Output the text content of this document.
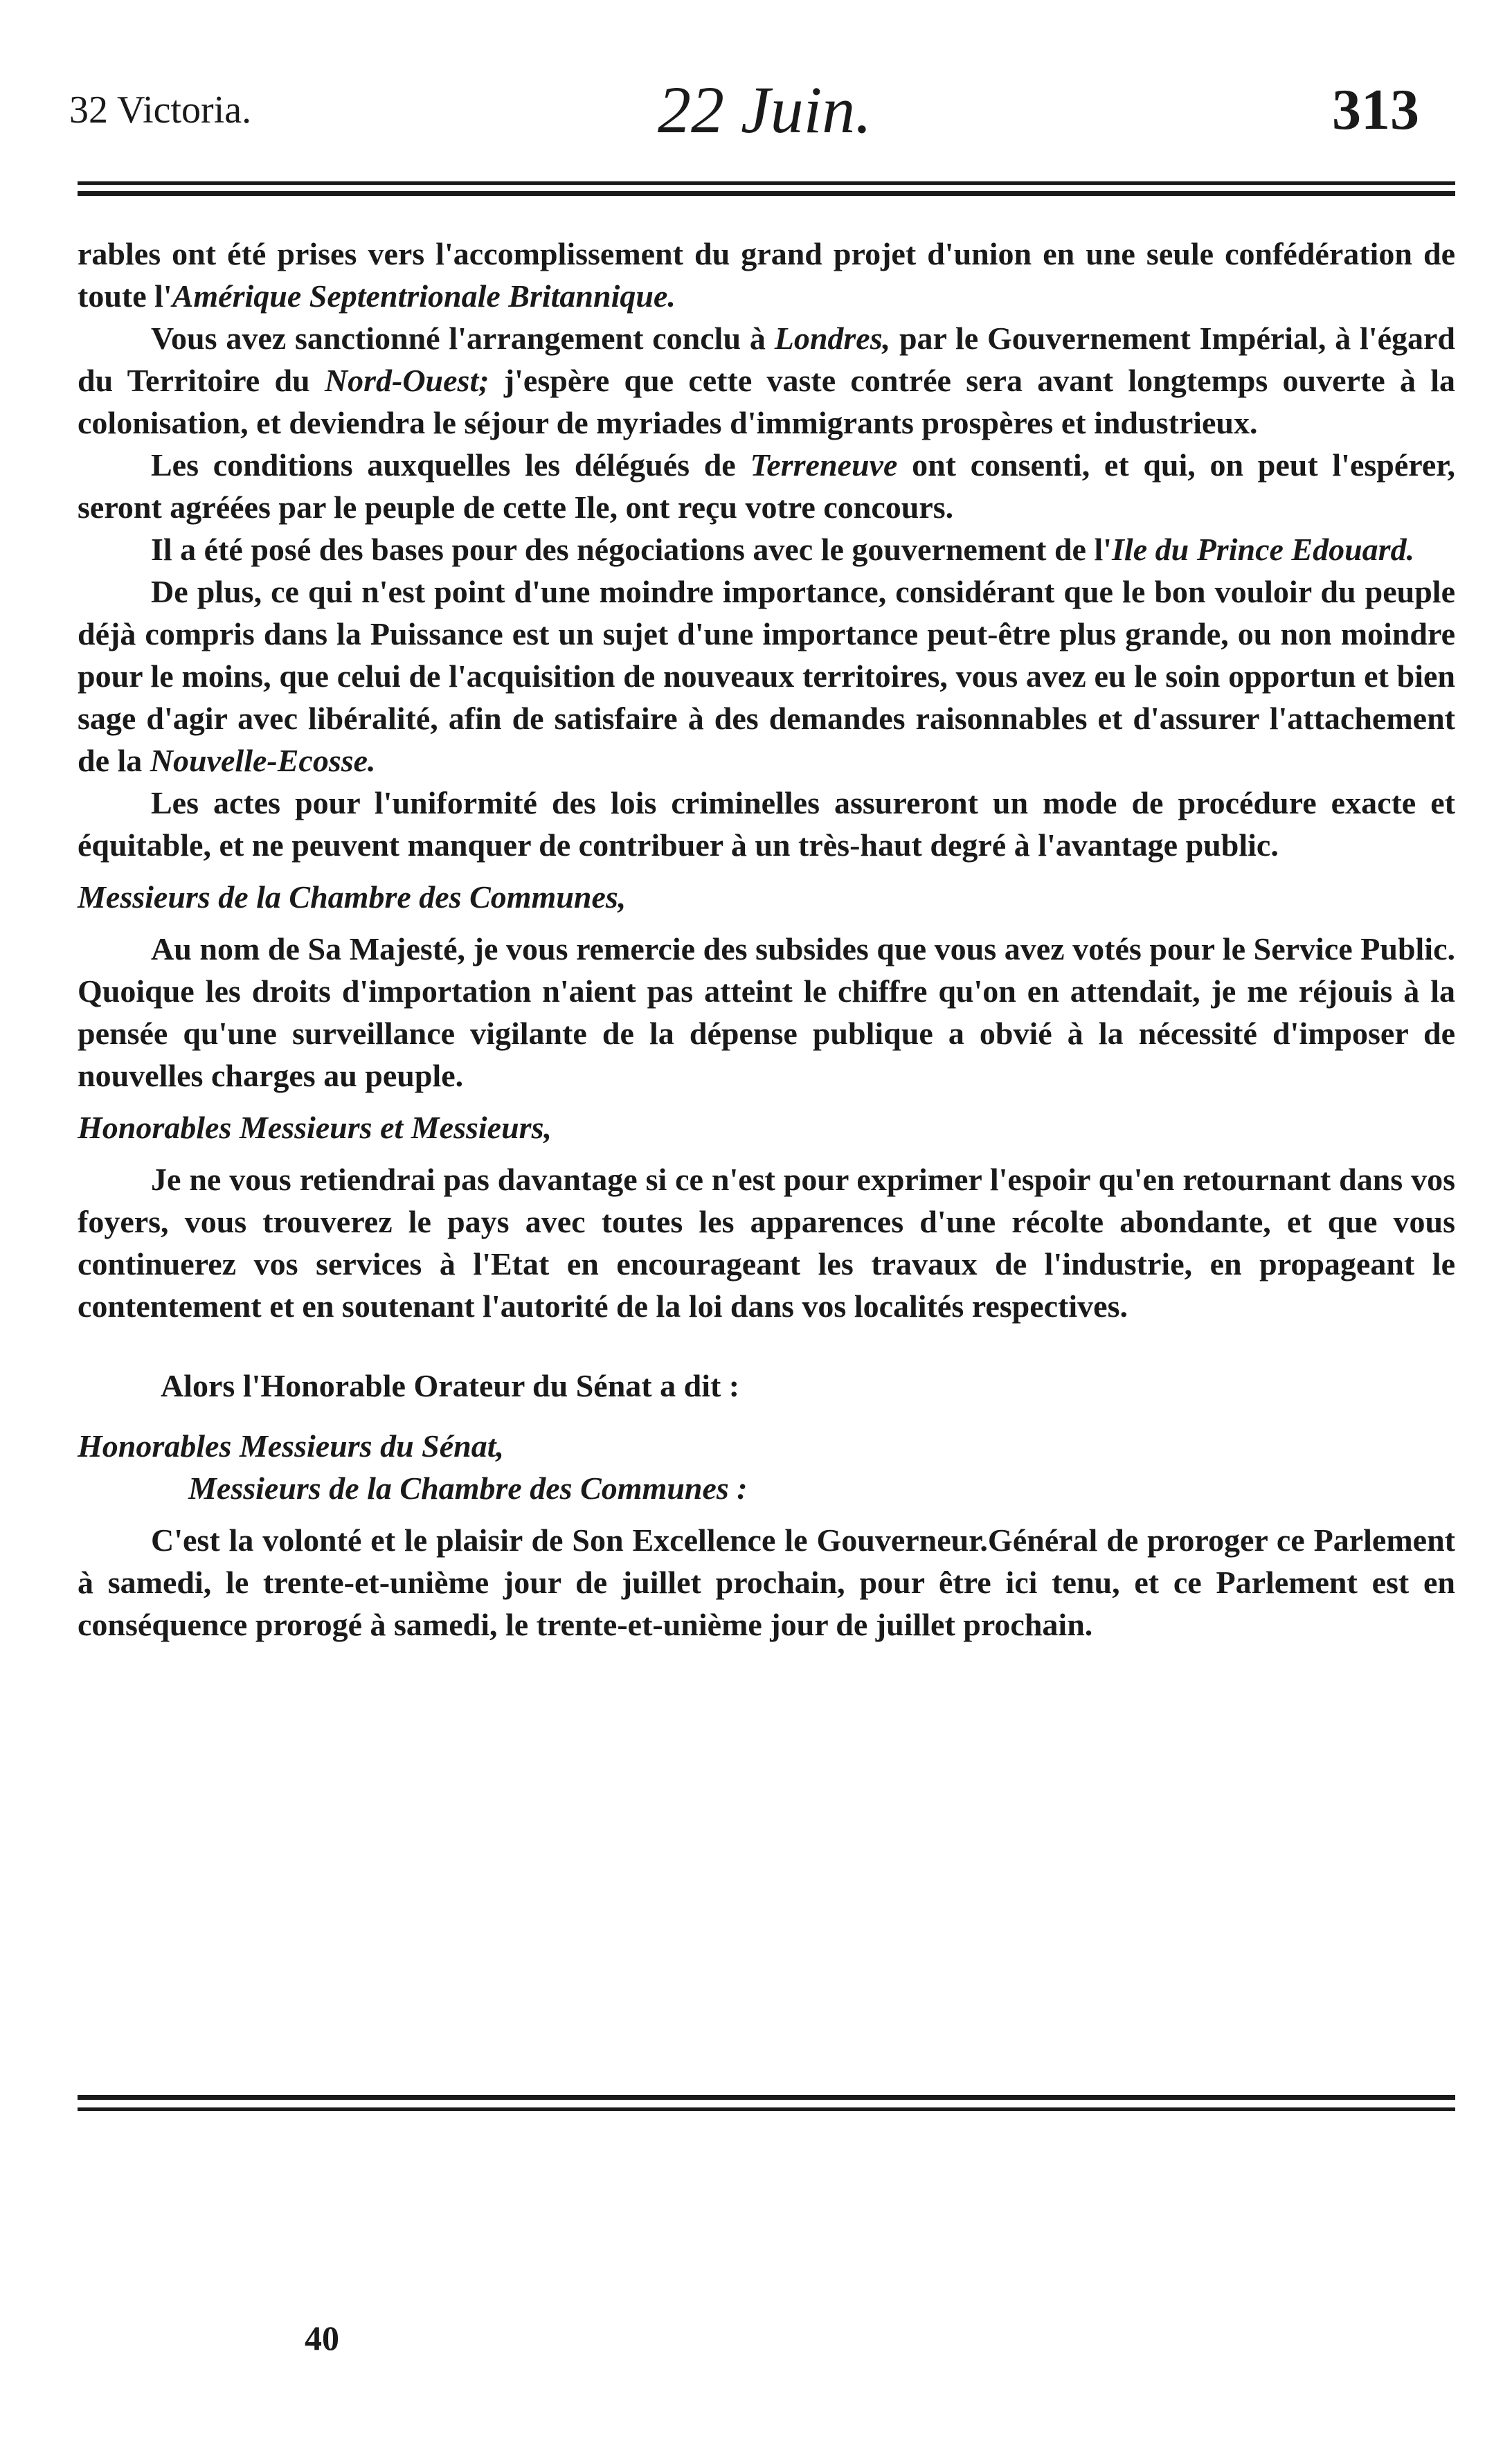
32 Victoria.	22 Juin.	313

rables ont été prises vers l'accomplissement du grand projet d'union en une seule confédération de toute l'Amérique Septentrionale Britannique.

Vous avez sanctionné l'arrangement conclu à Londres, par le Gouvernement Impérial, à l'égard du Territoire du Nord-Ouest; j'espère que cette vaste contrée sera avant longtemps ouverte à la colonisation, et deviendra le séjour de myriades d'immigrants prospères et industrieux.

Les conditions auxquelles les délégués de Terreneuve ont consenti, et qui, on peut l'espérer, seront agréées par le peuple de cette Ile, ont reçu votre concours.

Il a été posé des bases pour des négociations avec le gouvernement de l'Ile du Prince Edouard.

De plus, ce qui n'est point d'une moindre importance, considérant que le bon vouloir du peuple déjà compris dans la Puissance est un sujet d'une importance peut-être plus grande, ou non moindre pour le moins, que celui de l'acquisition de nouveaux territoires, vous avez eu le soin opportun et bien sage d'agir avec libéralité, afin de satisfaire à des demandes raisonnables et d'assurer l'attachement de la Nouvelle-Ecosse.

Les actes pour l'uniformité des lois criminelles assureront un mode de procédure exacte et équitable, et ne peuvent manquer de contribuer à un très-haut degré à l'avantage public.

Messieurs de la Chambre des Communes,

Au nom de Sa Majesté, je vous remercie des subsides que vous avez votés pour le Service Public. Quoique les droits d'importation n'aient pas atteint le chiffre qu'on en attendait, je me réjouis à la pensée qu'une surveillance vigilante de la dépense publique a obvié à la nécessité d'imposer de nouvelles charges au peuple.

Honorables Messieurs et Messieurs,

Je ne vous retiendrai pas davantage si ce n'est pour exprimer l'espoir qu'en retournant dans vos foyers, vous trouverez le pays avec toutes les apparences d'une récolte abondante, et que vous continuerez vos services à l'Etat en encourageant les travaux de l'industrie, en propageant le contentement et en soutenant l'autorité de la loi dans vos localités respectives.

Alors l'Honorable Orateur du Sénat a dit :

Honorables Messieurs du Sénat,

Messieurs de la Chambre des Communes :

C'est la volonté et le plaisir de Son Excellence le Gouverneur.Général de proroger ce Parlement à samedi, le trente-et-unième jour de juillet prochain, pour être ici tenu, et ce Parlement est en conséquence prorogé à samedi, le trente-et-unième jour de juillet prochain.

40
